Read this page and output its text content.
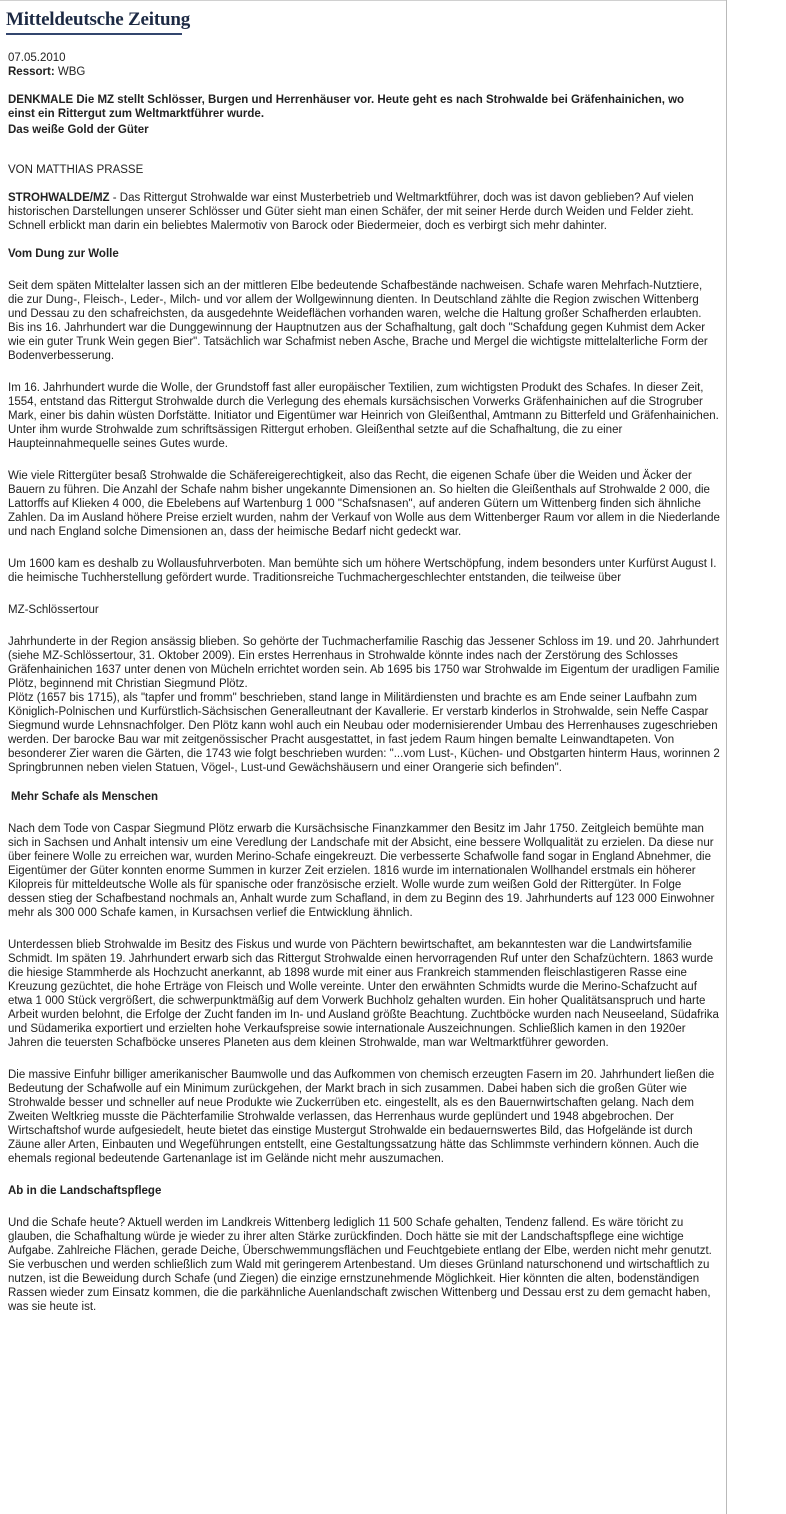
Mitteldeutsche Zeitung

07.05.2010

Ressort: WBG

DENKMALE Die MZ stellt Schlösser, Burgen und Herrenhäuser vor. Heute geht es nach Strohwalde bei Gräfenhainichen, wo einst ein Rittergut zum Weltmarktführer wurde.

Das weiße Gold der Güter

VON MATTHIAS PRASSE

STROHWALDE/MZ - Das Rittergut Strohwalde war einst Musterbetrieb und Weltmarktführer, doch was ist davon geblieben? Auf vielen historischen Darstellungen unserer Schlösser und Güter sieht man einen Schäfer, der mit seiner Herde durch Weiden und Felder zieht. Schnell erblickt man darin ein beliebtes Malermotiv von Barock oder Biedermeier, doch es verbirgt sich mehr dahinter.

Vom Dung zur Wolle

Seit dem späten Mittelalter lassen sich an der mittleren Elbe bedeutende Schafbestände nachweisen. Schafe waren Mehrfach-Nutztiere, die zur Dung-, Fleisch-, Leder-, Milch- und vor allem der Wollgewinnung dienten. In Deutschland zählte die Region zwischen Wittenberg und Dessau zu den schafreichsten, da ausgedehnte Weideflächen vorhanden waren, welche die Haltung großer Schafherden erlaubten. Bis ins 16. Jahrhundert war die Dunggewinnung der Hauptnutzen aus der Schafhaltung, galt doch "Schafdung gegen Kuhmist dem Acker wie ein guter Trunk Wein gegen Bier". Tatsächlich war Schafmist neben Asche, Brache und Mergel die wichtigste mittelalterliche Form der Bodenverbesserung.

Im 16. Jahrhundert wurde die Wolle, der Grundstoff fast aller europäischer Textilien, zum wichtigsten Produkt des Schafes. In dieser Zeit, 1554, entstand das Rittergut Strohwalde durch die Verlegung des ehemals kursächsischen Vorwerks Gräfenhainichen auf die Strogruber Mark, einer bis dahin wüsten Dorfstätte. Initiator und Eigentümer war Heinrich von Gleißenthal, Amtmann zu Bitterfeld und Gräfenhainichen. Unter ihm wurde Strohwalde zum schriftsässigen Rittergut erhoben. Gleißenthal setzte auf die Schafhaltung, die zu einer Haupteinnahmequelle seines Gutes wurde.

Wie viele Rittergüter besaß Strohwalde die Schäfereigerechtigkeit, also das Recht, die eigenen Schafe über die Weiden und Äcker der Bauern zu führen. Die Anzahl der Schafe nahm bisher ungekannte Dimensionen an. So hielten die Gleißenthals auf Strohwalde 2 000, die Lattorffs auf Klieken 4 000, die Ebelebens auf Wartenburg 1 000 "Schafsnasen", auf anderen Gütern um Wittenberg finden sich ähnliche Zahlen. Da im Ausland höhere Preise erzielt wurden, nahm der Verkauf von Wolle aus dem Wittenberger Raum vor allem in die Niederlande und nach England solche Dimensionen an, dass der heimische Bedarf nicht gedeckt war.

Um 1600 kam es deshalb zu Wollausfuhrverboten. Man bemühte sich um höhere Wertschöpfung, indem besonders unter Kurfürst August I. die heimische Tuchherstellung gefördert wurde. Traditionsreiche Tuchmachergeschlechter entstanden, die teilweise über

MZ-Schlössertour

Jahrhunderte in der Region ansässig blieben. So gehörte der Tuchmacherfamilie Raschig das Jessener Schloss im 19. und 20. Jahrhundert (siehe MZ-Schlössertour, 31. Oktober 2009). Ein erstes Herrenhaus in Strohwalde könnte indes nach der Zerstörung des Schlosses Gräfenhainichen 1637 unter denen von Mücheln errichtet worden sein. Ab 1695 bis 1750 war Strohwalde im Eigentum der uradligen Familie Plötz, beginnend mit Christian Siegmund Plötz.

Plötz (1657 bis 1715), als "tapfer und fromm" beschrieben, stand lange in Militärdiensten und brachte es am Ende seiner Laufbahn zum Königlich-Polnischen und Kurfürstlich-Sächsischen Generalleutnant der Kavallerie. Er verstarb kinderlos in Strohwalde, sein Neffe Caspar Siegmund wurde Lehnsnachfolger. Den Plötz kann wohl auch ein Neubau oder modernisierender Umbau des Herrenhauses zugeschrieben werden. Der barocke Bau war mit zeitgenössischer Pracht ausgestattet, in fast jedem Raum hingen bemalte Leinwandtapeten. Von besonderer Zier waren die Gärten, die 1743 wie folgt beschrieben wurden: "...vom Lust-, Küchen- und Obstgarten hinterm Haus, worinnen 2 Springbrunnen neben vielen Statuen, Vögel-, Lust-und Gewächshäusern und einer Orangerie sich befinden".

Mehr Schafe als Menschen

Nach dem Tode von Caspar Siegmund Plötz erwarb die Kursächsische Finanzkammer den Besitz im Jahr 1750. Zeitgleich bemühte man sich in Sachsen und Anhalt intensiv um eine Veredlung der Landschafe mit der Absicht, eine bessere Wollqualität zu erzielen. Da diese nur über feinere Wolle zu erreichen war, wurden Merino-Schafe eingekreuzt. Die verbesserte Schafwolle fand sogar in England Abnehmer, die Eigentümer der Güter konnten enorme Summen in kurzer Zeit erzielen. 1816 wurde im internationalen Wollhandel erstmals ein höherer Kilopreis für mitteldeutsche Wolle als für spanische oder französische erzielt. Wolle wurde zum weißen Gold der Rittergüter. In Folge dessen stieg der Schafbestand nochmals an, Anhalt wurde zum Schafland, in dem zu Beginn des 19. Jahrhunderts auf 123 000 Einwohner mehr als 300 000 Schafe kamen, in Kursachsen verlief die Entwicklung ähnlich.

Unterdessen blieb Strohwalde im Besitz des Fiskus und wurde von Pächtern bewirtschaftet, am bekanntesten war die Landwirtsfamilie Schmidt. Im späten 19. Jahrhundert erwarb sich das Rittergut Strohwalde einen hervorragenden Ruf unter den Schafzüchtern. 1863 wurde die hiesige Stammherde als Hochzucht anerkannt, ab 1898 wurde mit einer aus Frankreich stammenden fleischlastigeren Rasse eine Kreuzung gezüchtet, die hohe Erträge von Fleisch und Wolle vereinte. Unter den erwähnten Schmidts wurde die Merino-Schafzucht auf etwa 1 000 Stück vergrößert, die schwerpunktmäßig auf dem Vorwerk Buchholz gehalten wurden. Ein hoher Qualitätsanspruch und harte Arbeit wurden belohnt, die Erfolge der Zucht fanden im In- und Ausland größte Beachtung. Zuchtböcke wurden nach Neuseeland, Südafrika und Südamerika exportiert und erzielten hohe Verkaufspreise sowie internationale Auszeichnungen. Schließlich kamen in den 1920er Jahren die teuersten Schafböcke unseres Planeten aus dem kleinen Strohwalde, man war Weltmarktführer geworden.

Die massive Einfuhr billiger amerikanischer Baumwolle und das Aufkommen von chemisch erzeugten Fasern im 20. Jahrhundert ließen die Bedeutung der Schafwolle auf ein Minimum zurückgehen, der Markt brach in sich zusammen. Dabei haben sich die großen Güter wie Strohwalde besser und schneller auf neue Produkte wie Zuckerrüben etc. eingestellt, als es den Bauernwirtschaften gelang. Nach dem Zweiten Weltkrieg musste die Pächterfamilie Strohwalde verlassen, das Herrenhaus wurde geplündert und 1948 abgebrochen. Der Wirtschaftshof wurde aufgesiedelt, heute bietet das einstige Mustergut Strohwalde ein bedauernswertes Bild, das Hofgelände ist durch Zäune aller Arten, Einbauten und Wegeführungen entstellt, eine Gestaltungssatzung hätte das Schlimmste verhindern können. Auch die ehemals regional bedeutende Gartenanlage ist im Gelände nicht mehr auszumachen.

Ab in die Landschaftspflege

Und die Schafe heute? Aktuell werden im Landkreis Wittenberg lediglich 11 500 Schafe gehalten, Tendenz fallend. Es wäre töricht zu glauben, die Schafhaltung würde je wieder zu ihrer alten Stärke zurückfinden. Doch hätte sie mit der Landschaftspflege eine wichtige Aufgabe. Zahlreiche Flächen, gerade Deiche, Überschwemmungsflächen und Feuchtgebiete entlang der Elbe, werden nicht mehr genutzt. Sie verbuschen und werden schließlich zum Wald mit geringerem Artenbestand. Um dieses Grünland naturschonend und wirtschaftlich zu nutzen, ist die Beweidung durch Schafe (und Ziegen) die einzige ernstzunehmende Möglichkeit. Hier könnten die alten, bodenständigen Rassen wieder zum Einsatz kommen, die die parkähnliche Auenlandschaft zwischen Wittenberg und Dessau erst zu dem gemacht haben, was sie heute ist.
